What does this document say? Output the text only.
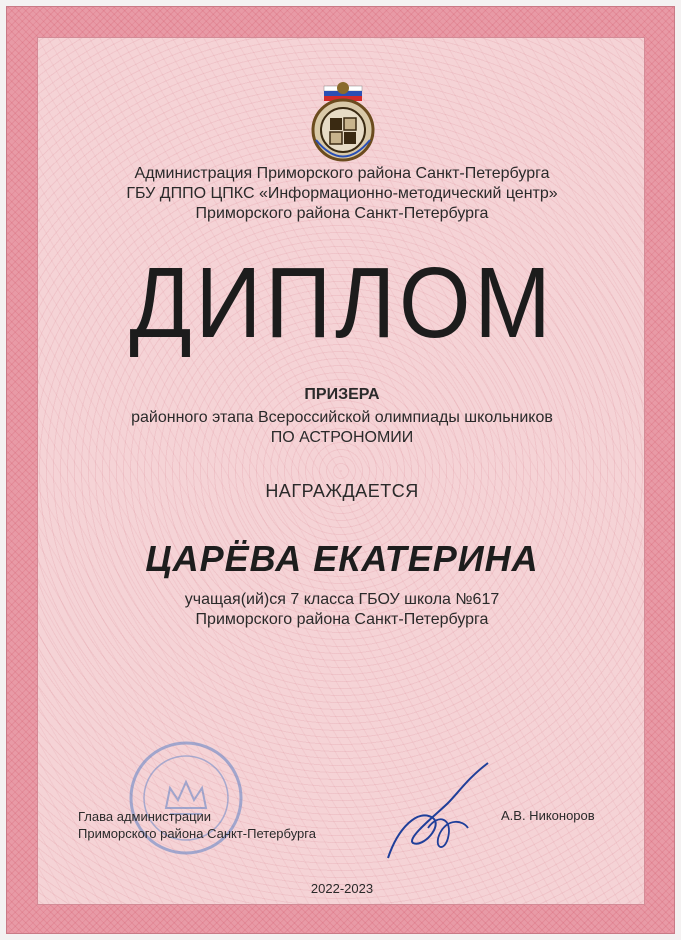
Администрация Приморского района Санкт-Петербурга
ГБУ ДППО ЦПКС «Информационно-методический центр»
Приморского района Санкт-Петербурга
ДИПЛОМ
ПРИЗЕРА
районного этапа Всероссийской олимпиады школьников
ПО АСТРОНОМИИ
НАГРАЖДАЕТСЯ
ЦАРЁВА ЕКАТЕРИНА
учащая(ий)ся 7 класса ГБОУ школа №617
Приморского района Санкт-Петербурга
Глава администрации
Приморского района Санкт-Петербурга
А.В. Никоноров
2022-2023
